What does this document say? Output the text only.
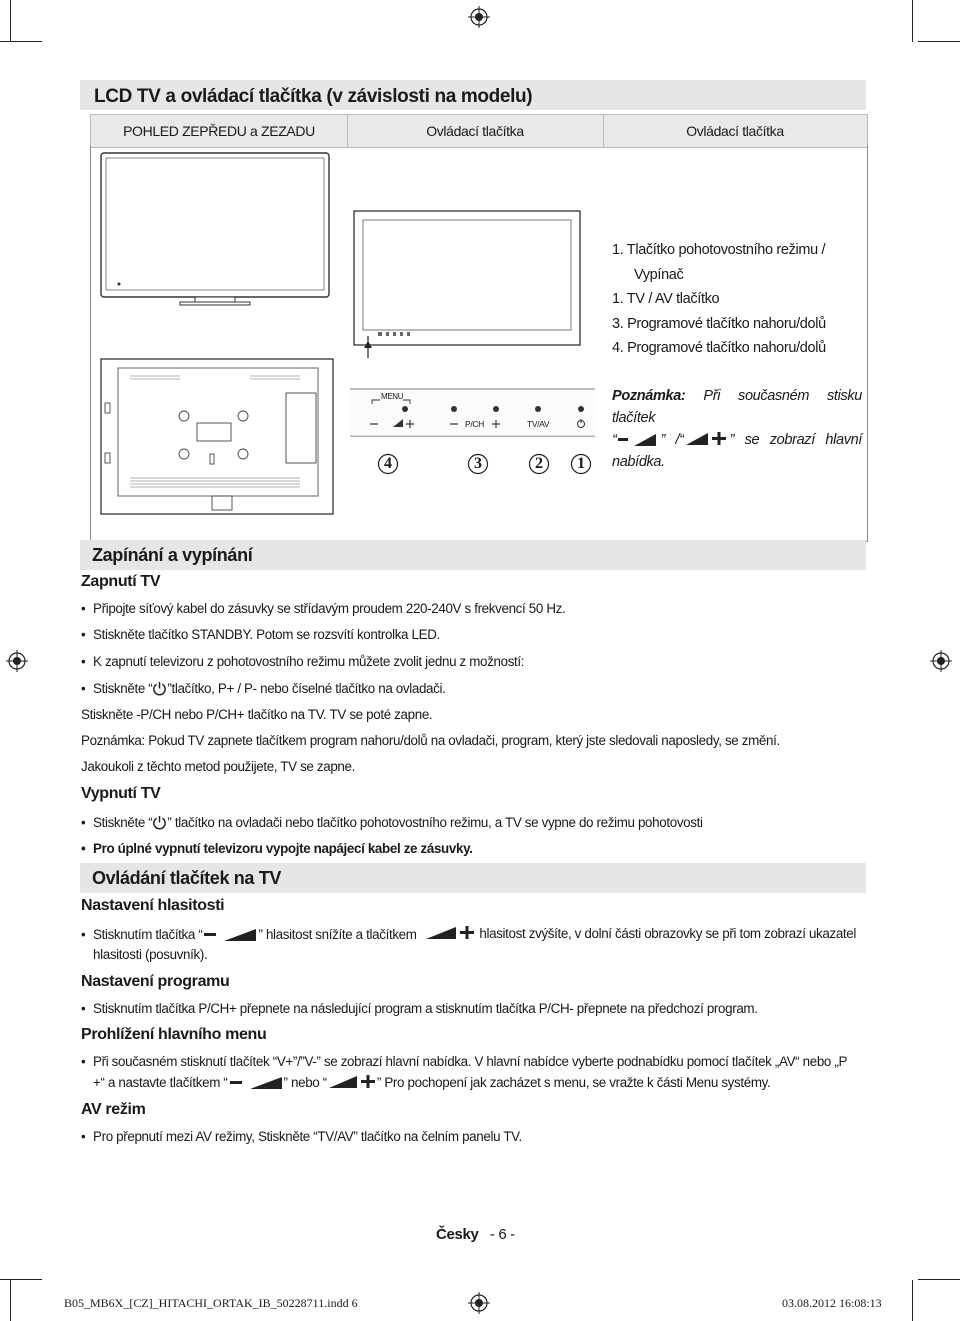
LCD TV a ovládací tlačítka (v závislosti na modelu)
POHLED ZEPŘEDU a ZEZADU	Ovládací tlačítka	Ovládací tlačítka
MENU
P/CH	TV/AV
4	3	2	1
1. Tlačítko pohotovostního režimu / Vypínač
1. TV / AV tlačítko
3. Programové tlačítko nahoru/dolů
4. Programové tlačítko nahoru/dolů
Poznámka: Při současném stisku tlačítek
“	” /“	” se zobrazí hlavní nabídka.
Zapínání a vypínání
Zapnutí TV
Připojte síťový kabel do zásuvky se střídavým proudem 220-240V s frekvencí 50 Hz.
Stiskněte tlačítko STANDBY. Potom se rozsvítí kontrolka LED.
K zapnutí televizoru z pohotovostního režimu můžete zvolit jednu z možností:
Stiskněte “ ”tlačítko, P+ / P- nebo číselné tlačítko na ovladači.
Stiskněte -P/CH nebo P/CH+ tlačítko na TV. TV se poté zapne.
Poznámka: Pokud TV zapnete tlačítkem program nahoru/dolů na ovladači, program, který jste sledovali naposledy, se změní.
Jakoukoli z těchto metod použijete, TV se zapne.
Vypnutí TV
Stiskněte “ ” tlačítko na ovladači nebo tlačítko pohotovostního režimu, a TV se vypne do režimu pohotovosti
Pro úplné vypnutí televizoru vypojte napájecí kabel ze zásuvky.
Ovládání tlačítek na TV
Nastavení hlasitosti
Stisknutím tlačítka “	” hlasitost snížíte a tlačítkem	hlasitost zvýšíte, v dolní části obrazovky se při tom zobrazí ukazatel
hlasitosti (posuvník).
Nastavení programu
Stisknutím tlačítka P/CH+ přepnete na následující program a stisknutím tlačítka P/CH- přepnete na předchozí program.
Prohlížení hlavního menu
Při současném stisknutí tlačítek “V+”/”V-” se zobrazí hlavní nabídka. V hlavní nabídce vyberte podnabídku pomocí tlačítek „AV“ nebo „P
+“ a nastavte tlačítkem “	” nebo “	” Pro pochopení jak zacházet s menu, se vražte k části Menu systémy.
AV režim
Pro přepnutí mezi AV režimy, Stiskněte “TV/AV” tlačítko na čelním panelu TV.
Česky - 6 -
B05_MB6X_[CZ]_HITACHI_ORTAK_IB_50228711.indd 6	03.08.2012 16:08:13
